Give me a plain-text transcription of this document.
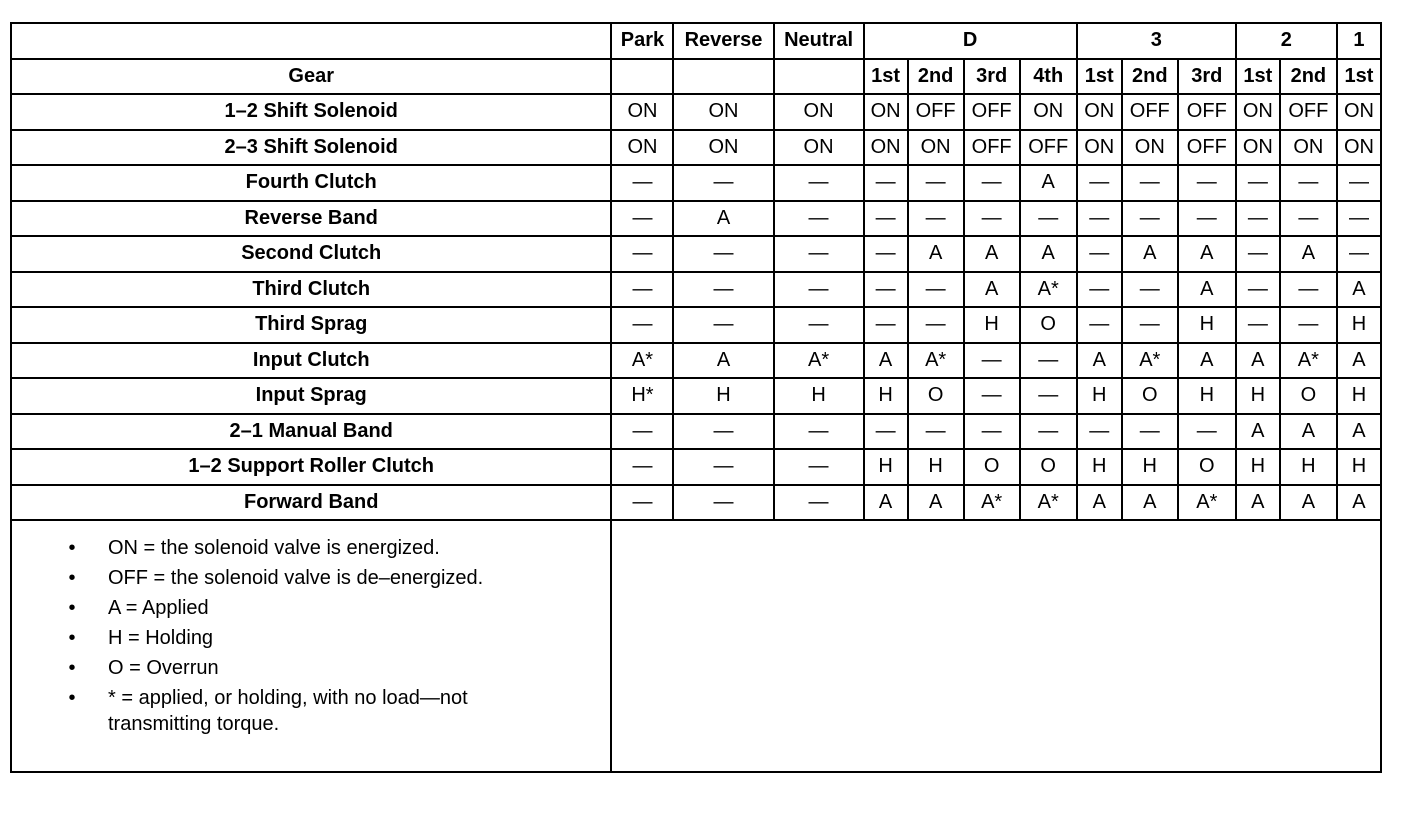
	Park	Reverse	Neutral	D				3			2		1
Gear				1st	2nd	3rd	4th	1st	2nd	3rd	1st	2nd	1st
1–2 Shift Solenoid	ON	ON	ON	ON	OFF	OFF	ON	ON	OFF	OFF	ON	OFF	ON
2–3 Shift Solenoid	ON	ON	ON	ON	ON	OFF	OFF	ON	ON	OFF	ON	ON	ON
Fourth Clutch	—	—	—	—	—	—	A	—	—	—	—	—	—
Reverse Band	—	A	—	—	—	—	—	—	—	—	—	—	—
Second Clutch	—	—	—	—	A	A	A	—	A	A	—	A	—
Third Clutch	—	—	—	—	—	A	A*	—	—	A	—	—	A
Third Sprag	—	—	—	—	—	H	O	—	—	H	—	—	H
Input Clutch	A*	A	A*	A	A*	—	—	A	A*	A	A	A*	A
Input Sprag	H*	H	H	H	O	—	—	H	O	H	H	O	H
2–1 Manual Band	—	—	—	—	—	—	—	—	—	—	A	A	A
1–2 Support Roller Clutch	—	—	—	H	H	O	O	H	H	O	H	H	H
Forward Band	—	—	—	A	A	A*	A*	A	A	A*	A	A	A
•	ON = the solenoid valve is energized.
•	OFF = the solenoid valve is de–energized.
•	A = Applied
•	H = Holding
•	O = Overrun
•	* = applied, or holding, with no load—not transmitting torque.
